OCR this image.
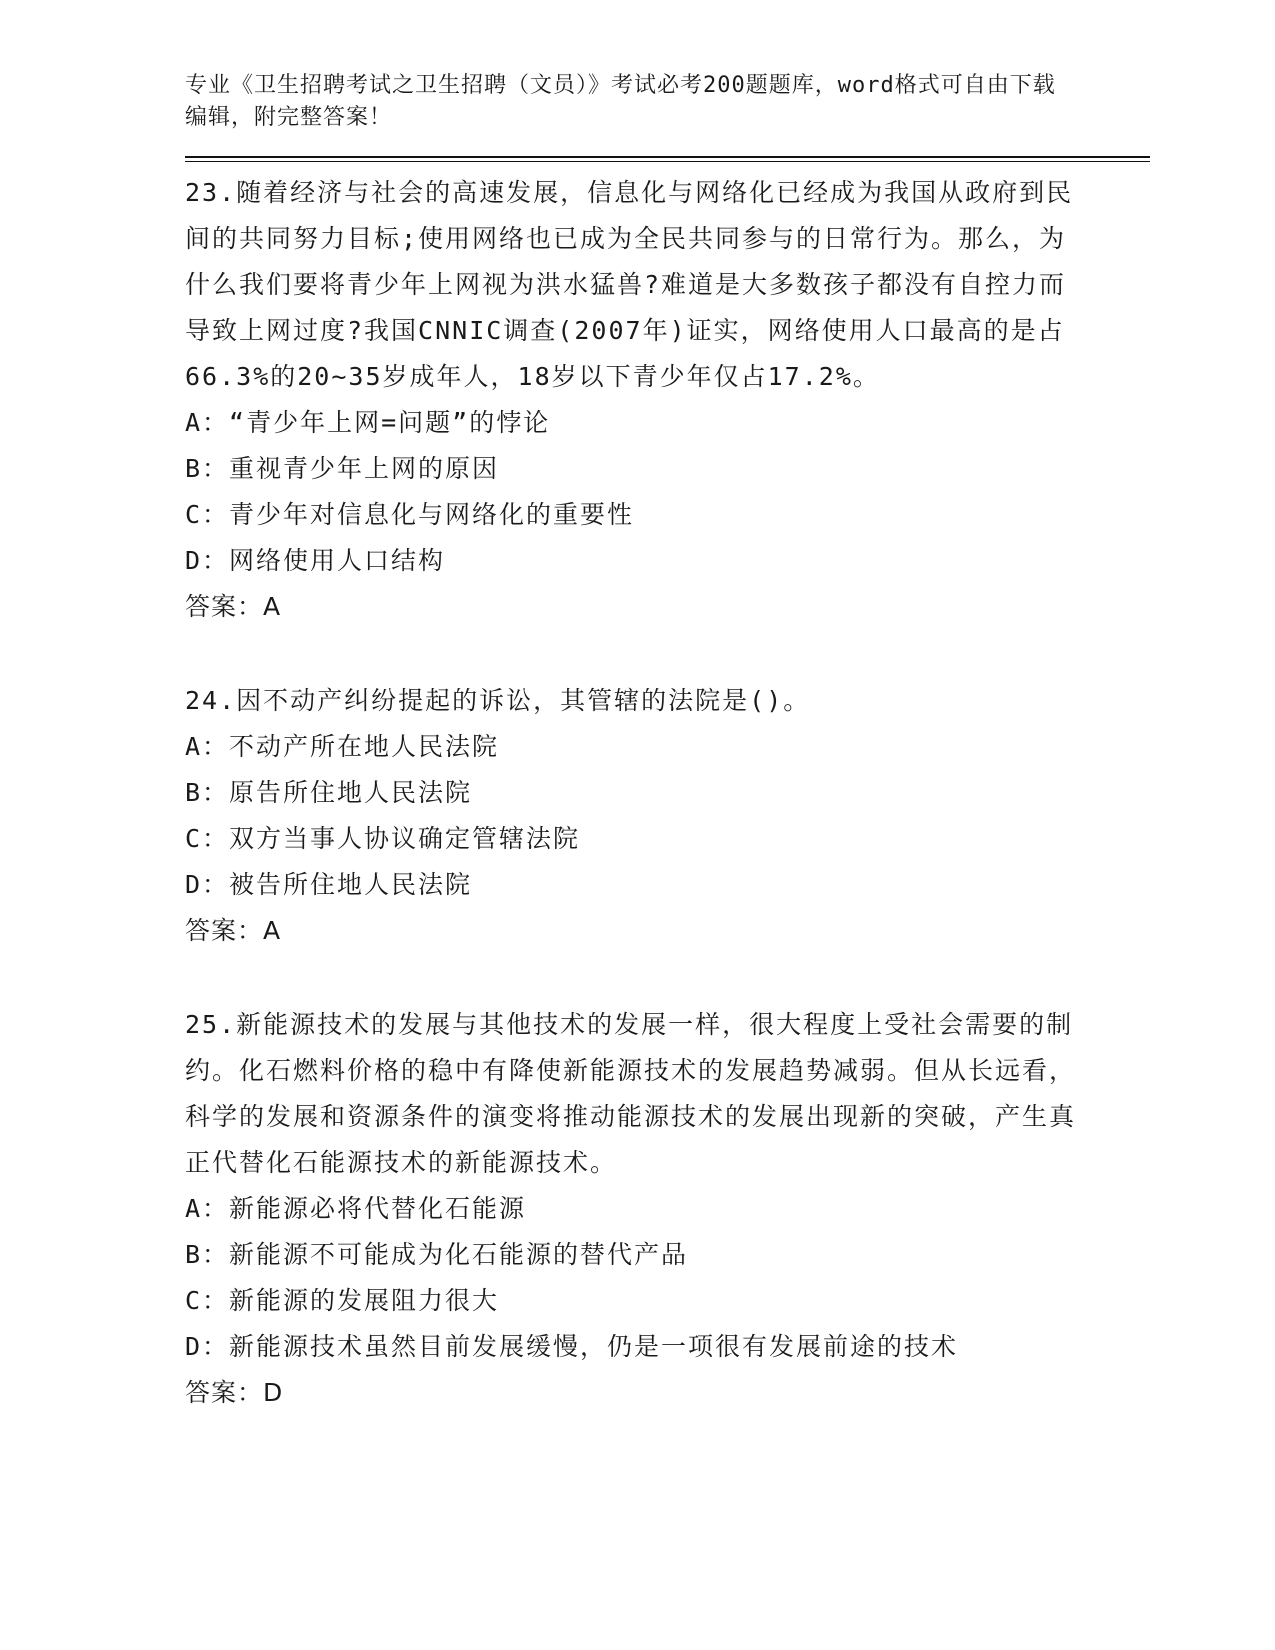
专业《卫生招聘考试之卫生招聘（文员）》考试必考200题题库，word格式可自由下载编辑，附完整答案！

23.随着经济与社会的高速发展，信息化与网络化已经成为我国从政府到民间的共同努力目标;使用网络也已成为全民共同参与的日常行为。那么，为什么我们要将青少年上网视为洪水猛兽?难道是大多数孩子都没有自控力而导致上网过度?我国CNNIC调查(2007年)证实，网络使用人口最高的是占66.3%的20~35岁成年人，18岁以下青少年仅占17.2%。

A：“青少年上网=问题”的悖论

B：重视青少年上网的原因

C：青少年对信息化与网络化的重要性

D：网络使用人口结构

答案：A

24.因不动产纠纷提起的诉讼，其管辖的法院是()。

A：不动产所在地人民法院

B：原告所住地人民法院

C：双方当事人协议确定管辖法院

D：被告所住地人民法院

答案：A

25.新能源技术的发展与其他技术的发展一样，很大程度上受社会需要的制约。化石燃料价格的稳中有降使新能源技术的发展趋势减弱。但从长远看，科学的发展和资源条件的演变将推动能源技术的发展出现新的突破，产生真正代替化石能源技术的新能源技术。

A：新能源必将代替化石能源

B：新能源不可能成为化石能源的替代产品

C：新能源的发展阻力很大

D：新能源技术虽然目前发展缓慢，仍是一项很有发展前途的技术

答案：D
